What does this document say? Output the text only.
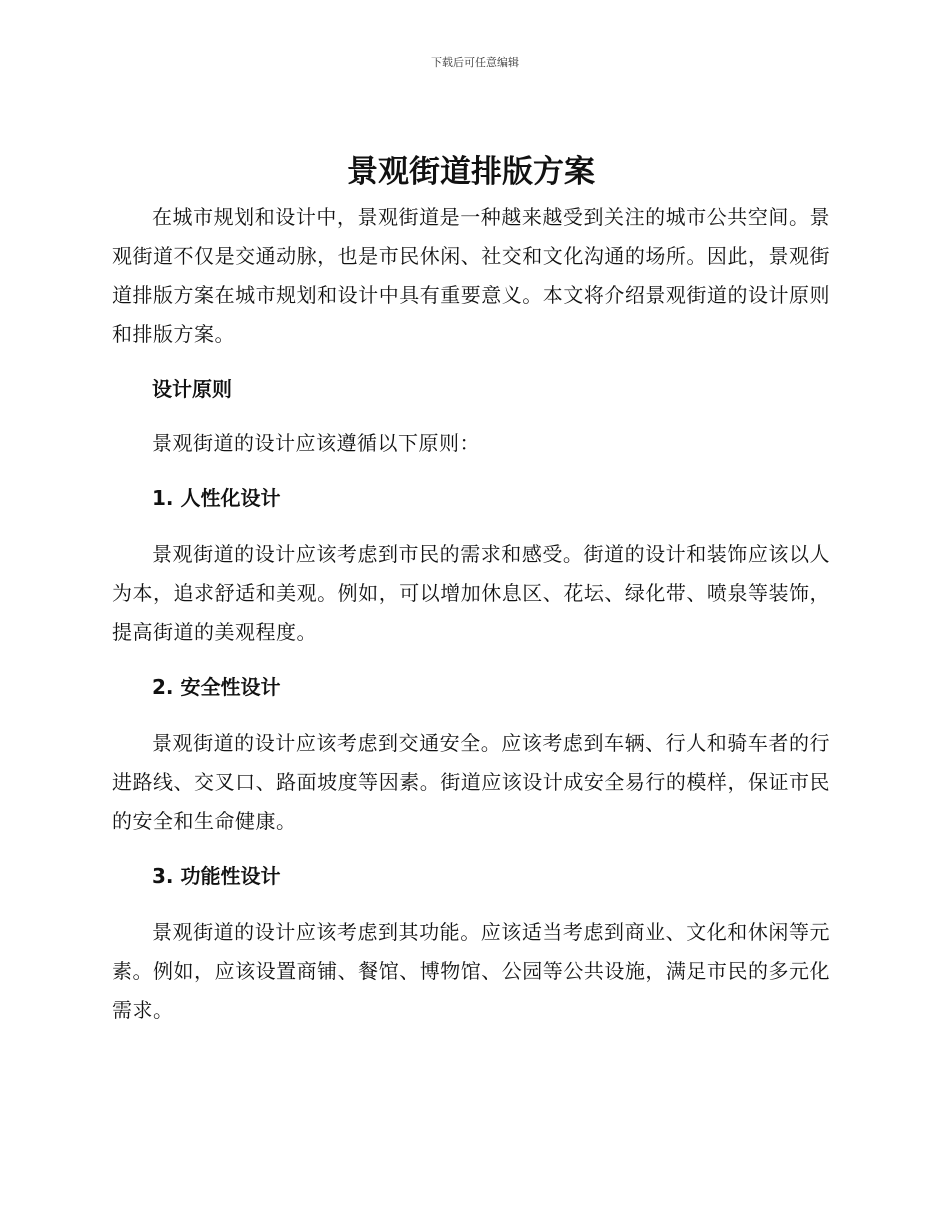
下载后可任意编辑
景观街道排版方案

在城市规划和设计中，景观街道是一种越来越受到关注的城市公共空间。景观街道不仅是交通动脉，也是市民休闲、社交和文化沟通的场所。因此，景观街道排版方案在城市规划和设计中具有重要意义。本文将介绍景观街道的设计原则和排版方案。

设计原则

景观街道的设计应该遵循以下原则：

1. 人性化设计

景观街道的设计应该考虑到市民的需求和感受。街道的设计和装饰应该以人为本，追求舒适和美观。例如，可以增加休息区、花坛、绿化带、喷泉等装饰，提高街道的美观程度。

2. 安全性设计

景观街道的设计应该考虑到交通安全。应该考虑到车辆、行人和骑车者的行进路线、交叉口、路面坡度等因素。街道应该设计成安全易行的模样，保证市民的安全和生命健康。

3. 功能性设计

景观街道的设计应该考虑到其功能。应该适当考虑到商业、文化和休闲等元素。例如，应该设置商铺、餐馆、博物馆、公园等公共设施，满足市民的多元化需求。
